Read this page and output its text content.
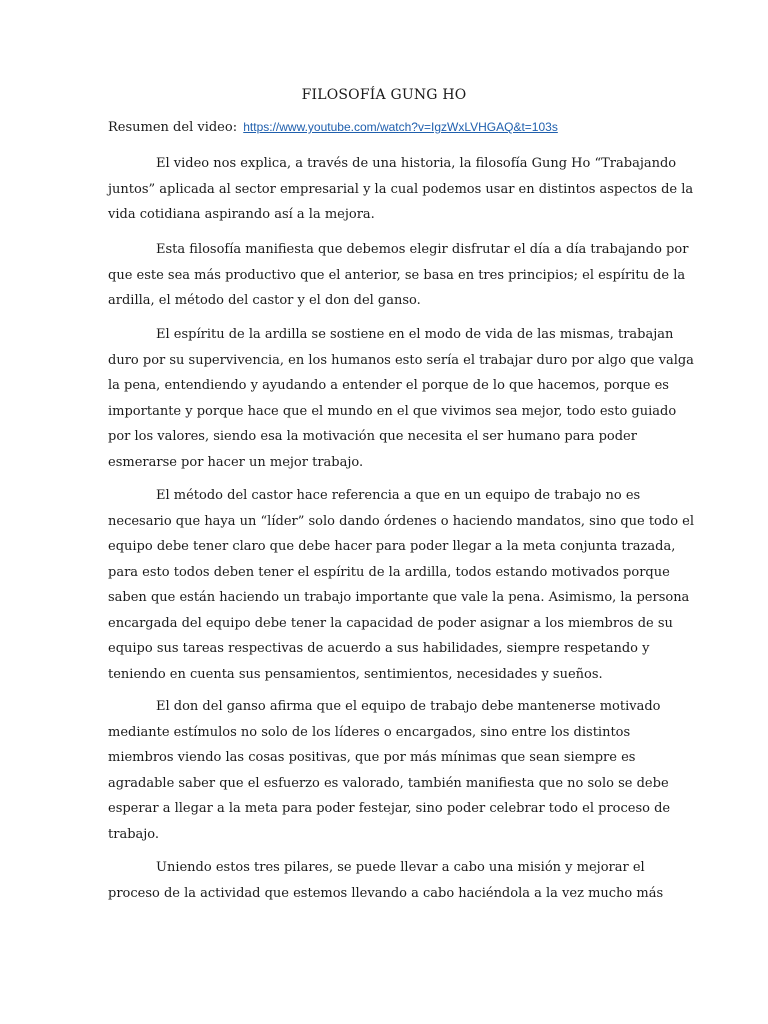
FILOSOFÍA GUNG HO
Resumen del video: https://www.youtube.com/watch?v=IgzWxLVHGAQ&t=103s

El video nos explica, a través de una historia, la filosofía Gung Ho “Trabajando
juntos” aplicada al sector empresarial y la cual podemos usar en distintos aspectos de la
vida cotidiana aspirando así a la mejora.

Esta filosofía manifiesta que debemos elegir disfrutar el día a día trabajando por
que este sea más productivo que el anterior, se basa en tres principios; el espíritu de la
ardilla, el método del castor y el don del ganso.

El espíritu de la ardilla se sostiene en el modo de vida de las mismas, trabajan
duro por su supervivencia, en los humanos esto sería el trabajar duro por algo que valga
la pena, entendiendo y ayudando a entender el porque de lo que hacemos, porque es
importante y porque hace que el mundo en el que vivimos sea mejor, todo esto guiado
por los valores, siendo esa la motivación que necesita el ser humano para poder
esmerarse por hacer un mejor trabajo.

El método del castor hace referencia a que en un equipo de trabajo no es
necesario que haya un “líder” solo dando órdenes o haciendo mandatos, sino que todo el
equipo debe tener claro que debe hacer para poder llegar a la meta conjunta trazada,
para esto todos deben tener el espíritu de la ardilla, todos estando motivados porque
saben que están haciendo un trabajo importante que vale la pena. Asimismo, la persona
encargada del equipo debe tener la capacidad de poder asignar a los miembros de su
equipo sus tareas respectivas de acuerdo a sus habilidades, siempre respetando y
teniendo en cuenta sus pensamientos, sentimientos, necesidades y sueños.

El don del ganso afirma que el equipo de trabajo debe mantenerse motivado
mediante estímulos no solo de los líderes o encargados, sino entre los distintos
miembros viendo las cosas positivas, que por más mínimas que sean siempre es
agradable saber que el esfuerzo es valorado, también manifiesta que no solo se debe
esperar a llegar a la meta para poder festejar, sino poder celebrar todo el proceso de
trabajo.

Uniendo estos tres pilares, se puede llevar a cabo una misión y mejorar el
proceso de la actividad que estemos llevando a cabo haciéndola a la vez mucho más
